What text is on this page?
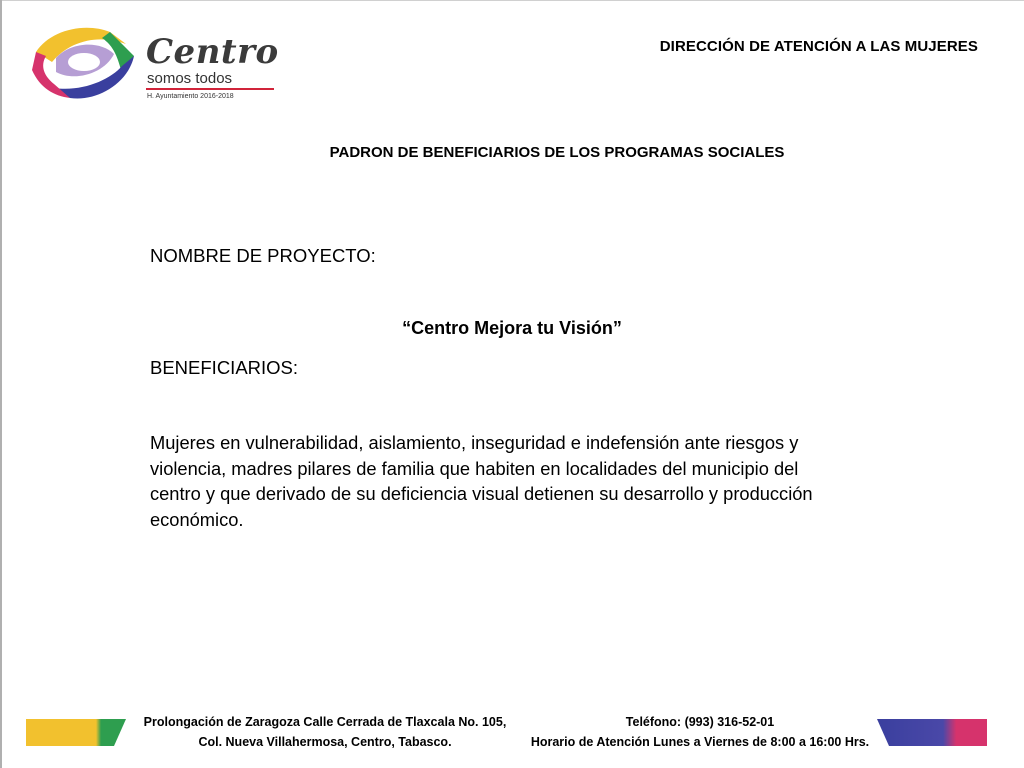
Centro
somos todos
H. Ayuntamiento 2016-2018
DIRECCIÓN DE ATENCIÓN A LAS MUJERES
PADRON DE BENEFICIARIOS DE LOS PROGRAMAS SOCIALES
NOMBRE DE PROYECTO:
“Centro Mejora tu Visión”
BENEFICIARIOS:
Mujeres en vulnerabilidad, aislamiento, inseguridad e indefensión ante riesgos y violencia, madres pilares de familia que habiten en localidades del municipio del centro y que derivado de su deficiencia visual detienen su desarrollo y producción económico.
Prolongación de Zaragoza Calle Cerrada de Tlaxcala No. 105,
Col. Nueva Villahermosa, Centro, Tabasco.
Teléfono: (993) 316-52-01
Horario de Atención Lunes a Viernes de 8:00 a 16:00 Hrs.
